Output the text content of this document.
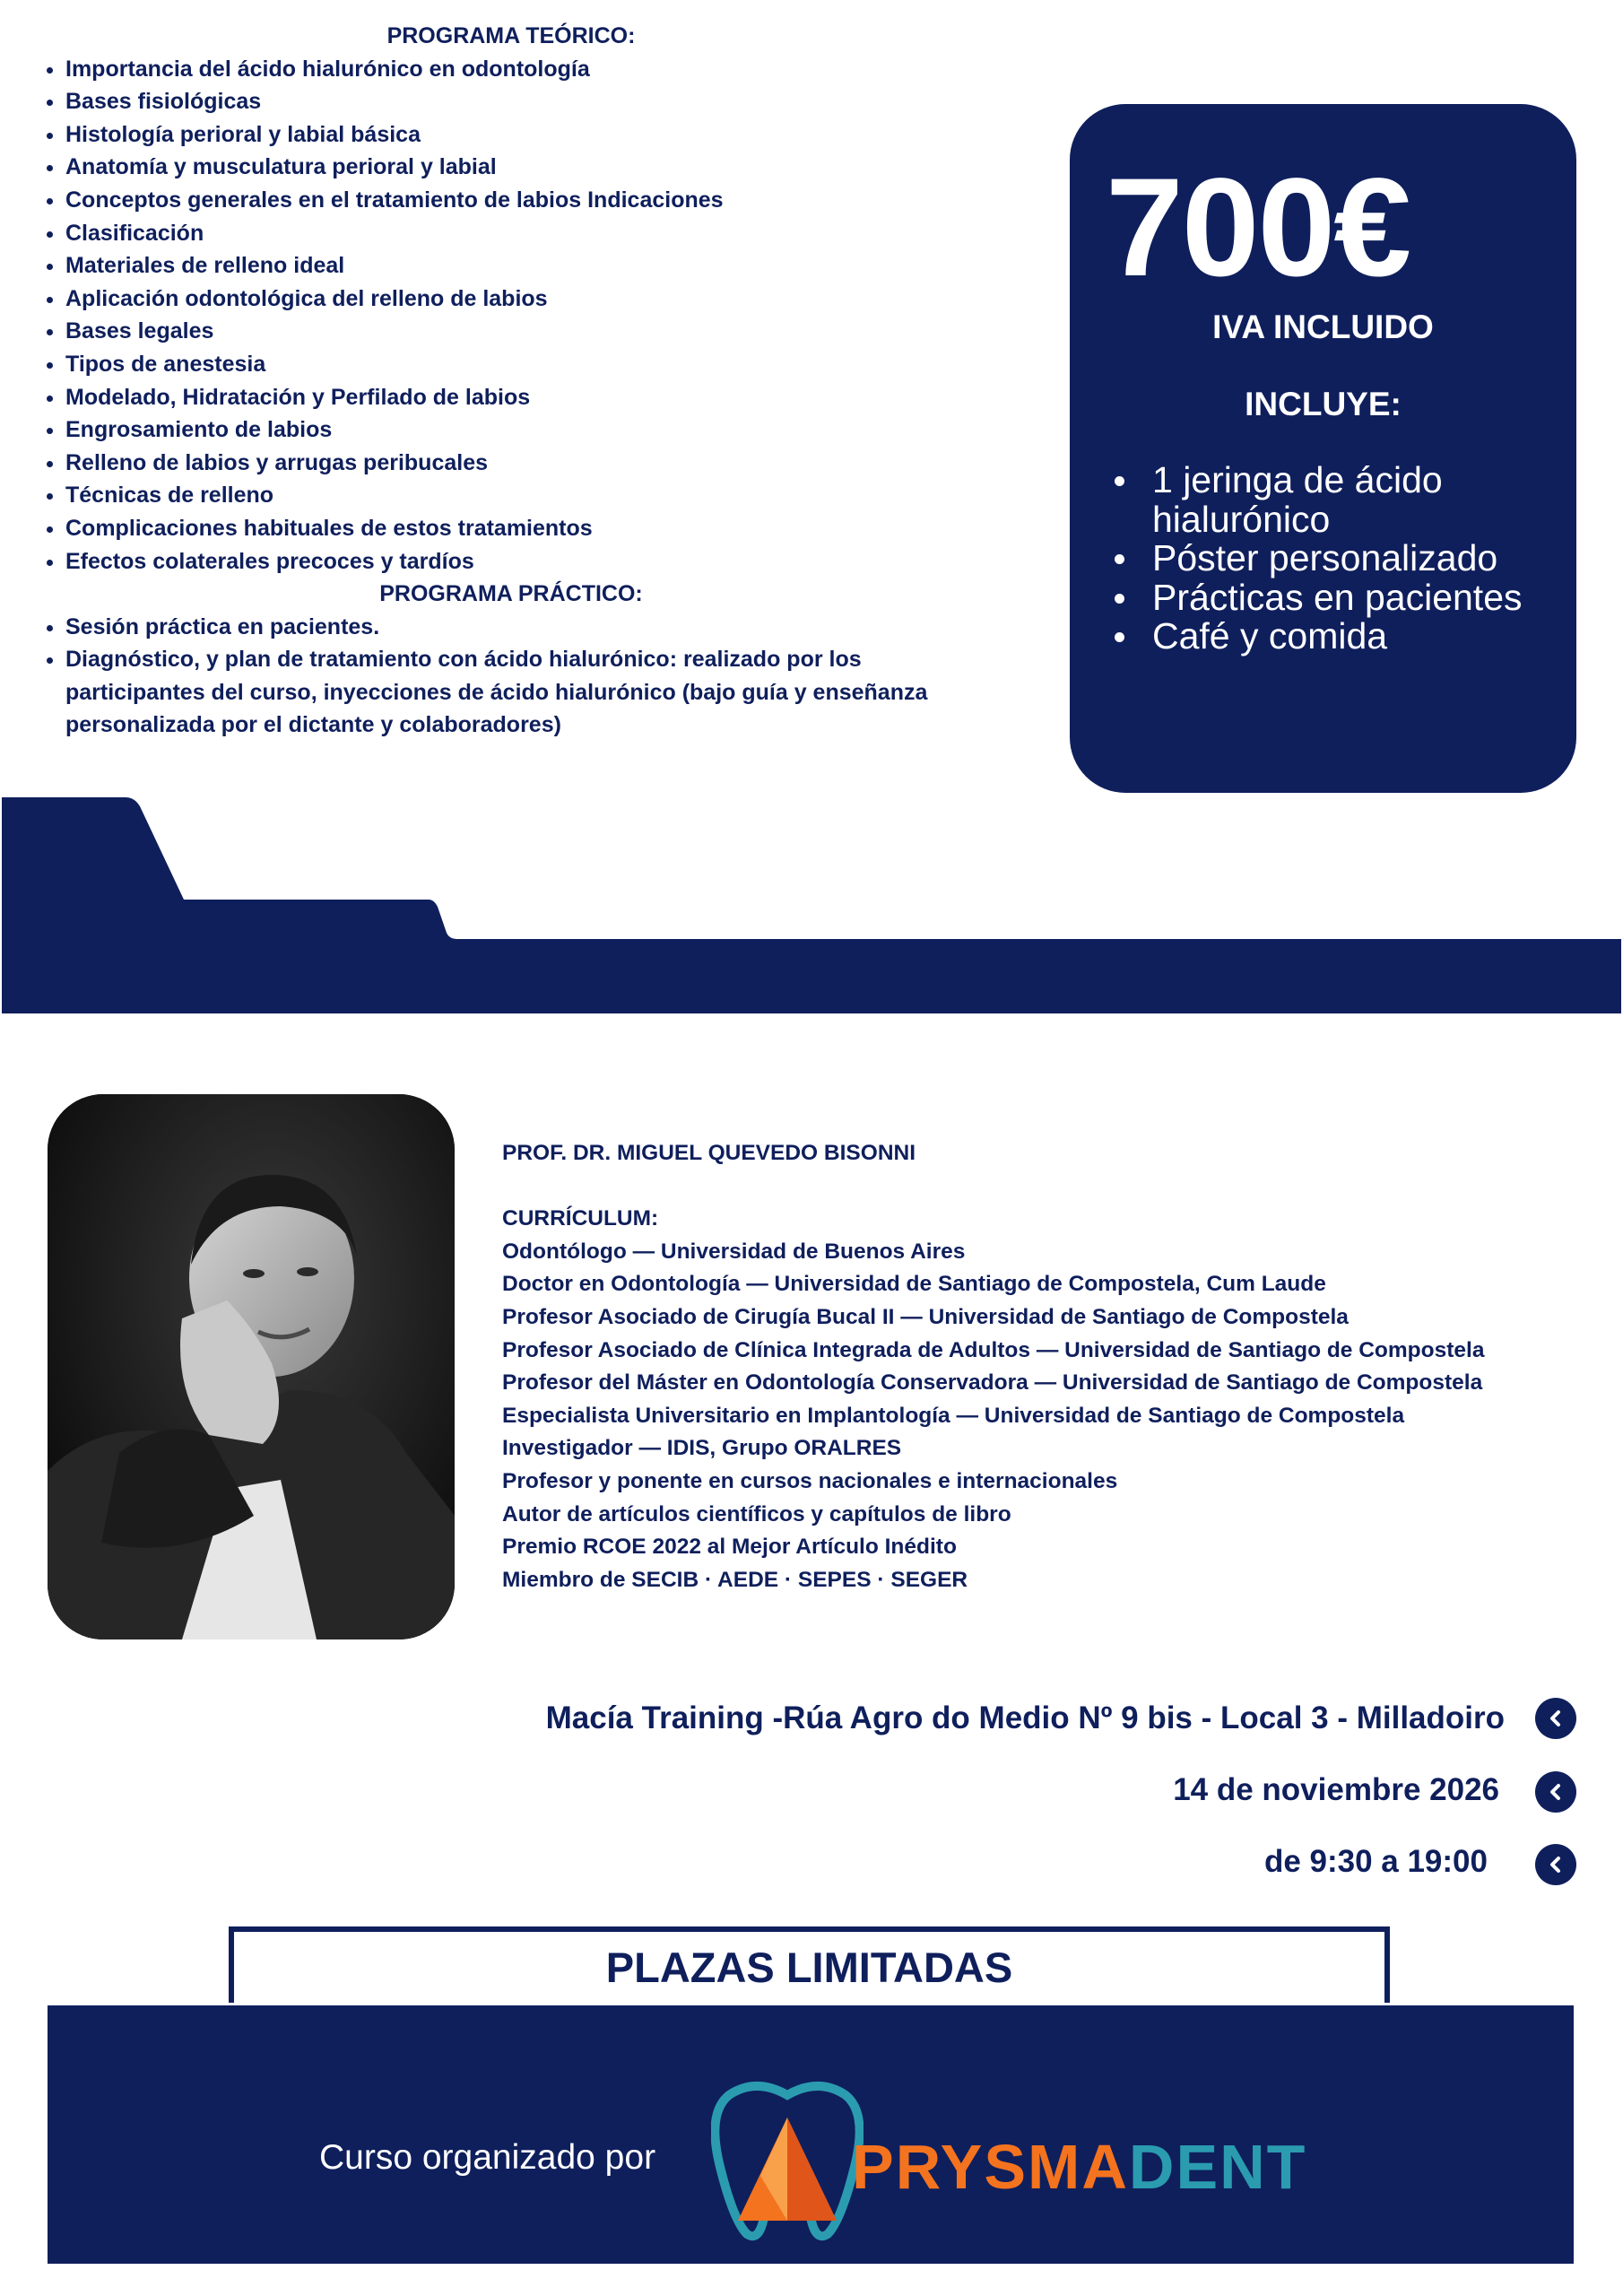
PROGRAMA TEÓRICO:
• Importancia del ácido hialurónico en odontología
• Bases fisiológicas
• Histología perioral y labial básica
• Anatomía y musculatura perioral y labial
• Conceptos generales en el tratamiento de labios Indicaciones
• Clasificación
• Materiales de relleno ideal
• Aplicación odontológica del relleno de labios
• Bases legales
• Tipos de anestesia
• Modelado, Hidratación y Perfilado de labios
• Engrosamiento de labios
• Relleno de labios y arrugas peribucales
• Técnicas de relleno
• Complicaciones habituales de estos tratamientos
• Efectos colaterales precoces y tardíos
PROGRAMA PRÁCTICO:
• Sesión práctica en pacientes.
• Diagnóstico, y plan de tratamiento con ácido hialurónico: realizado por los participantes del curso, inyecciones de ácido hialurónico (bajo guía y enseñanza personalizada por el dictante y colaboradores)
700€
IVA INCLUIDO
INCLUYE:
1 jeringa de ácido hialurónico
Póster personalizado
Prácticas en pacientes
Café y comida
PROF. DR. MIGUEL QUEVEDO BISONNI
CURRÍCULUM:
Odontólogo — Universidad de Buenos Aires
Doctor en Odontología — Universidad de Santiago de Compostela, Cum Laude
Profesor Asociado de Cirugía Bucal II — Universidad de Santiago de Compostela
Profesor Asociado de Clínica Integrada de Adultos — Universidad de Santiago de Compostela
Profesor del Máster en Odontología Conservadora — Universidad de Santiago de Compostela
Especialista Universitario en Implantología — Universidad de Santiago de Compostela
Investigador — IDIS, Grupo ORALRES
Profesor y ponente en cursos nacionales e internacionales
Autor de artículos científicos y capítulos de libro
Premio RCOE 2022 al Mejor Artículo Inédito
Miembro de SECIB · AEDE · SEPES · SEGER
Macía Training -Rúa Agro do Medio Nº 9 bis - Local 3 - Milladoiro
14 de noviembre 2026
de 9:30 a 19:00
PLAZAS LIMITADAS
Curso organizado por	PRYSMADENT
